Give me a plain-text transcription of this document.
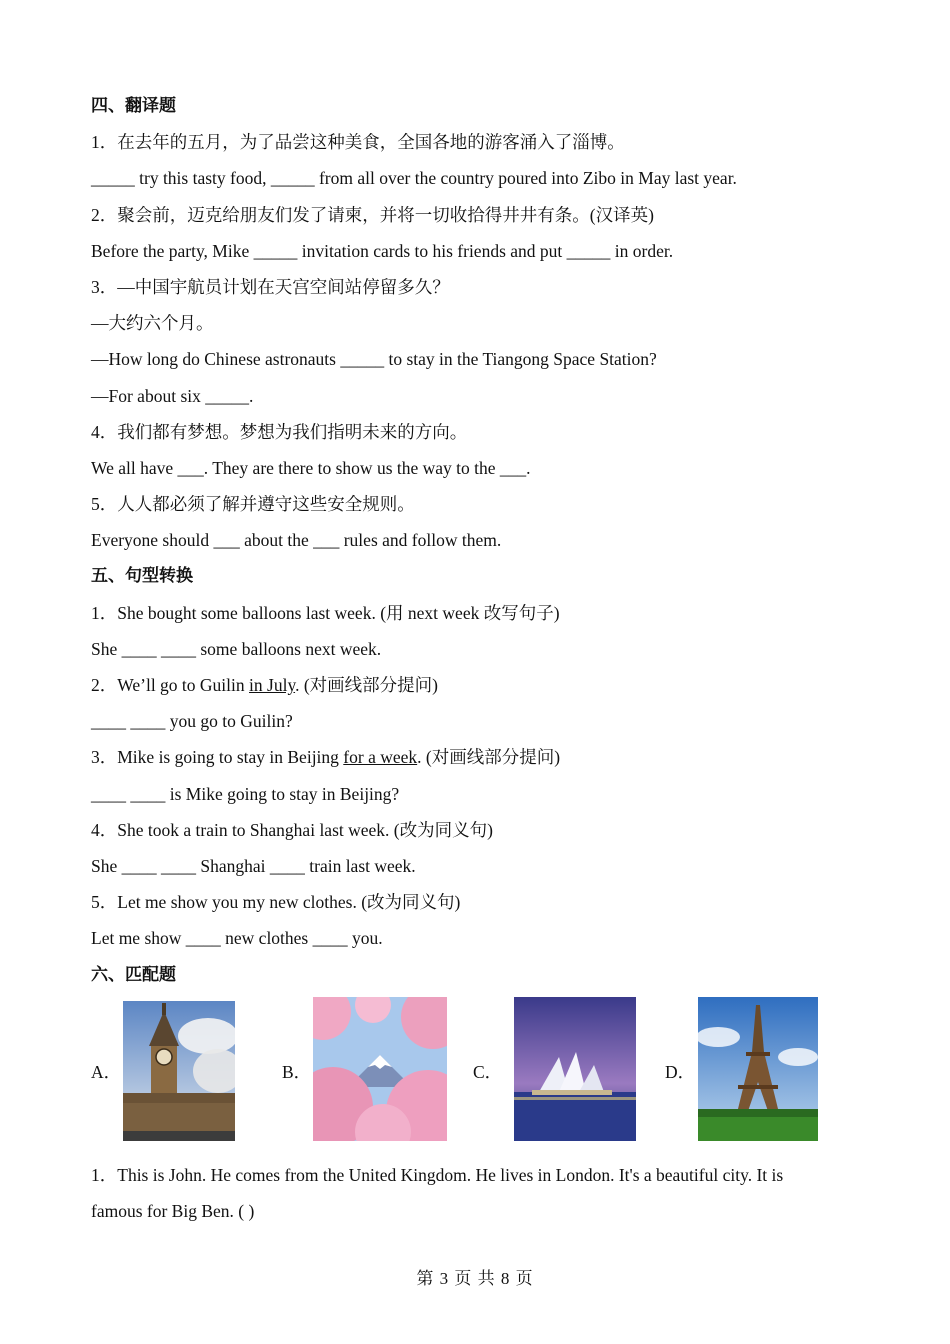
四、翻译题
1．在去年的五月，为了品尝这种美食，全国各地的游客涌入了淄博。
_____ try this tasty food, _____ from all over the country poured into Zibo in May last year.
2．聚会前，迈克给朋友们发了请柬，并将一切收拾得井井有条。(汉译英)
Before the party, Mike _____ invitation cards to his friends and put _____ in order.
3．—中国宇航员计划在天宫空间站停留多久？
—大约六个月。
—How long do Chinese astronauts _____ to stay in the Tiangong Space Station?
—For about six _____.
4．我们都有梦想。梦想为我们指明未来的方向。
We all have ___. They are there to show us the way to the ___.
5．人人都必须了解并遵守这些安全规则。
Everyone should ___ about the ___ rules and follow them.
五、句型转换
1．She bought some balloons last week. (用 next week 改写句子)
She ____ ____ some balloons next week.
2．We’ll go to Guilin in July. (对画线部分提问)
____ ____ you go to Guilin?
3．Mike is going to stay in Beijing for a week. (对画线部分提问)
____ ____ is Mike going to stay in Beijing?
4．She took a train to Shanghai last week. (改为同义句)
She ____ ____ Shanghai ____ train last week.
5．Let me show you my new clothes. (改为同义句)
Let me show ____ new clothes ____ you.
六、匹配题
A．	B．	C．	D．
1．This is John. He comes from the United Kingdom. He lives in London. It's a beautiful city. It is
famous for Big Ben. ( )
第 3 页 共 8 页
